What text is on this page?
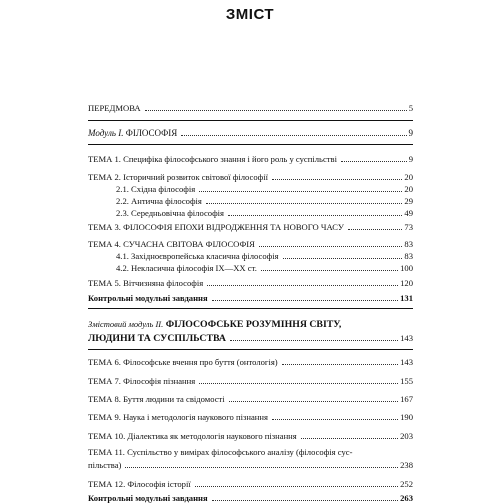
ЗМІСТ
ПЕРЕДМОВА	5
Модуль І. ФІЛОСОФІЯ	9
ТЕМА 1. Специфіка філософського знання і його роль у суспільстві	9
ТЕМА 2. Історичний розвиток світової філософії	20
2.1. Східна філософія	20
2.2. Антична філософія	29
2.3. Середньовічна філософія	49
ТЕМА 3. ФІЛОСОФІЯ ЕПОХИ ВІДРОДЖЕННЯ ТА НОВОГО ЧАСУ	73
ТЕМА 4. СУЧАСНА СВІТОВА ФІЛОСОФІЯ	83
4.1. Західноєвропейська класична філософія	83
4.2. Некласична філософія ІХ—ХХ ст.	100
ТЕМА 5. Вітчизняна філософія	120
Контрольні модульні завдання	131
Змістовий модуль ІІ. ФІЛОСОФСЬКЕ РОЗУМІННЯ СВІТУ,
ЛЮДИНИ ТА СУСПІЛЬСТВА	143
ТЕМА 6. Філософське вчення про буття (онтологія)	143
ТЕМА 7. Філософія пізнання	155
ТЕМА 8. Буття людини та свідомості	167
ТЕМА 9. Наука і методологія наукового пізнання	190
ТЕМА 10. Діалектика як методологія наукового пізнання	203
ТЕМА 11. Суспільство у вимірах філософського аналізу (філософія сус-
пільства)	238
ТЕМА 12. Філософія історії	252
Контрольні модульні завдання	263
